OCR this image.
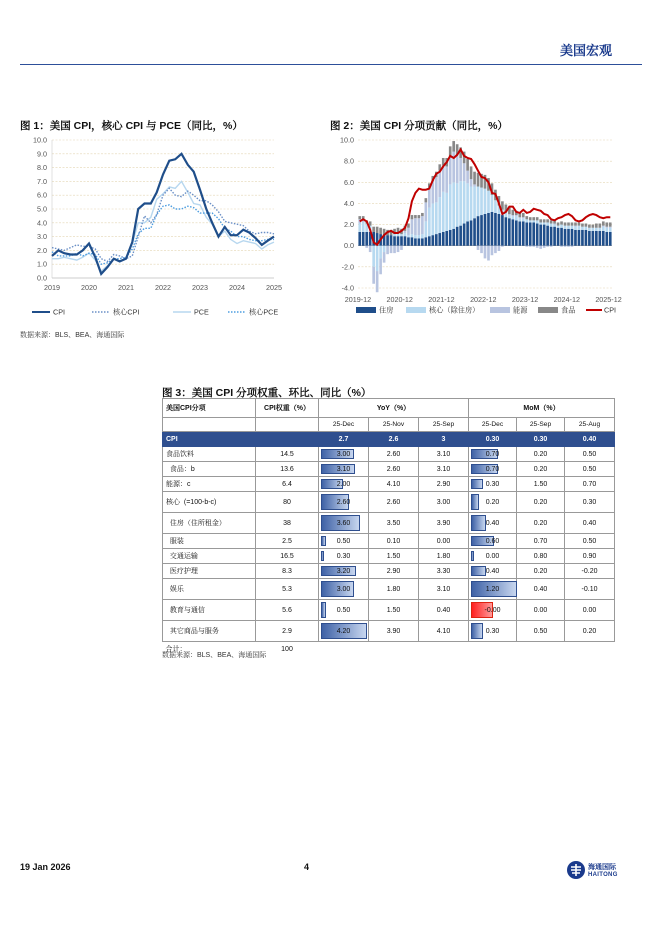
美国宏观
图 1：美国 CPI，核心 CPI 与 PCE（同比，%）
0.0
1.0
2.0
3.0
4.0
5.0
6.0
7.0
8.0
9.0
10.0
2019	2020	2021	2022	2023	2024	2025
CPI	核心CPI	PCE	核心PCE
数据来源：BLS、BEA、海通国际
图 2：美国 CPI 分项贡献（同比，%）
-4.0
-2.0
0.0
2.0
4.0
6.0
8.0
10.0
2019-12 2020-12 2021-12 2022-12 2023-12 2024-12 2025-12
住房	核心（除住房）	能源	食品	CPI
图 3：美国 CPI 分项权重、环比、同比（%）
美国CPI分项	CPI权重（%）	YoY（%）			MoM（%）		
		25-Dec	25-Nov	25-Sep	25-Dec	25-Sep	25-Aug
CPI		2.7	2.6	3	0.30	0.30	0.40
食品饮料	14.5	3.00	2.60	3.10	0.70	0.20	0.50
食品：b	13.6	3.10	2.60	3.10	0.70	0.20	0.50
能源：c	6.4	2.00	4.10	2.90	0.30	1.50	0.70
核心  (=100-b-c)	80	2.60	2.60	3.00	0.20	0.20	0.30
住房（住所租金）	38	3.60	3.50	3.90	0.40	0.20	0.40
服装	2.5	0.50	0.10	0.00	0.60	0.70	0.50
交通运输	16.5	0.30	1.50	1.80	0.00	0.80	0.90
医疗护理	8.3	3.20	2.90	3.30	0.40	0.20	-0.20
娱乐	5.3	3.00	1.80	3.10	1.20	0.40	-0.10
教育与通信	5.6	0.50	1.50	0.40	-0.00	0.00	0.00
其它商品与服务	2.9	4.20	3.90	4.10	0.30	0.50	0.20
合计：	100						
数据来源：BLS、BEA、海通国际
19 Jan 2026	4	海通国际
HAITONG
